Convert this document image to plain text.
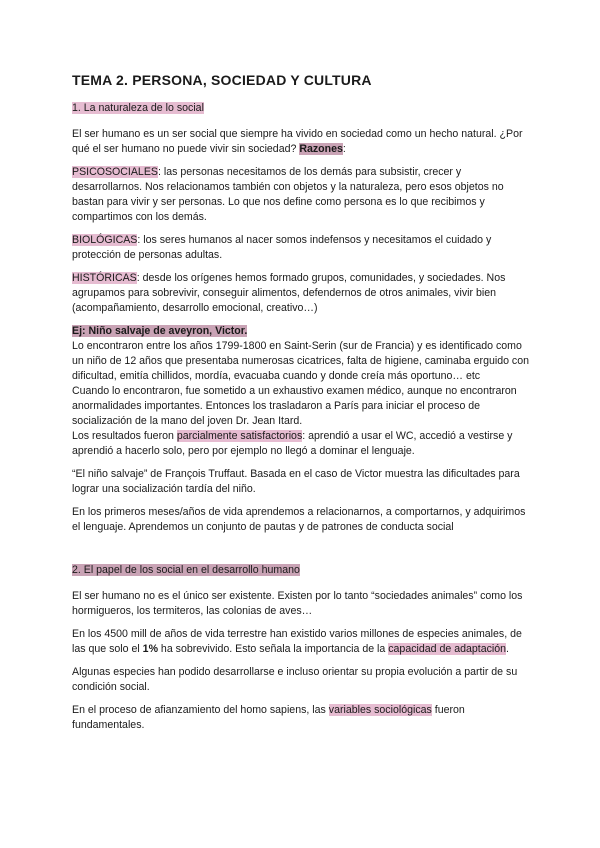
TEMA 2. PERSONA, SOCIEDAD Y CULTURA

1. La naturaleza de lo social

El ser humano es un ser social que siempre ha vivido en sociedad como un hecho natural. ¿Por qué el ser humano no puede vivir sin sociedad? Razones:

PSICOSOCIALES: las personas necesitamos de los demás para subsistir, crecer y desarrollarnos. Nos relacionamos también con objetos y la naturaleza, pero esos objetos no bastan para vivir y ser personas. Lo que nos define como persona es lo que recibimos y compartimos con los demás.

BIOLÓGICAS: los seres humanos al nacer somos indefensos y necesitamos el cuidado y protección de personas adultas.

HISTÓRICAS: desde los orígenes hemos formado grupos, comunidades, y sociedades. Nos agrupamos para sobrevivir, conseguir alimentos, defendernos de otros animales, vivir bien (acompañamiento, desarrollo emocional, creativo…)

Ej: Niño salvaje de aveyron, Victor.

Lo encontraron entre los años 1799-1800 en Saint-Serin (sur de Francia) y es identificado como un niño de 12 años que presentaba numerosas cicatrices, falta de higiene, caminaba erguido con dificultad, emitía chillidos, mordía, evacuaba cuando y donde creía más oportuno… etc

Cuando lo encontraron, fue sometido a un exhaustivo examen médico, aunque no encontraron anormalidades importantes. Entonces los trasladaron a París para iniciar el proceso de socialización de la mano del joven Dr. Jean Itard.

Los resultados fueron parcialmente satisfactorios: aprendió a usar el WC, accedió a vestirse y aprendió a hacerlo solo, pero por ejemplo no llegó a dominar el lenguaje.

“El niño salvaje” de François Truffaut. Basada en el caso de Victor muestra las dificultades para lograr una socialización tardía del niño.

En los primeros meses/años de vida aprendemos a relacionarnos, a comportarnos, y adquirimos el lenguaje. Aprendemos un conjunto de pautas y de patrones de conducta social

2. El papel de los social en el desarrollo humano

El ser humano no es el único ser existente. Existen por lo tanto “sociedades animales” como los hormigueros, los termiteros, las colonias de aves…

En los 4500 mill de años de vida terrestre han existido varios millones de especies animales, de las que solo el 1% ha sobrevivido. Esto señala la importancia de la capacidad de adaptación.

Algunas especies han podido desarrollarse e incluso orientar su propia evolución a partir de su condición social.

En el proceso de afianzamiento del homo sapiens, las variables sociológicas fueron fundamentales.
